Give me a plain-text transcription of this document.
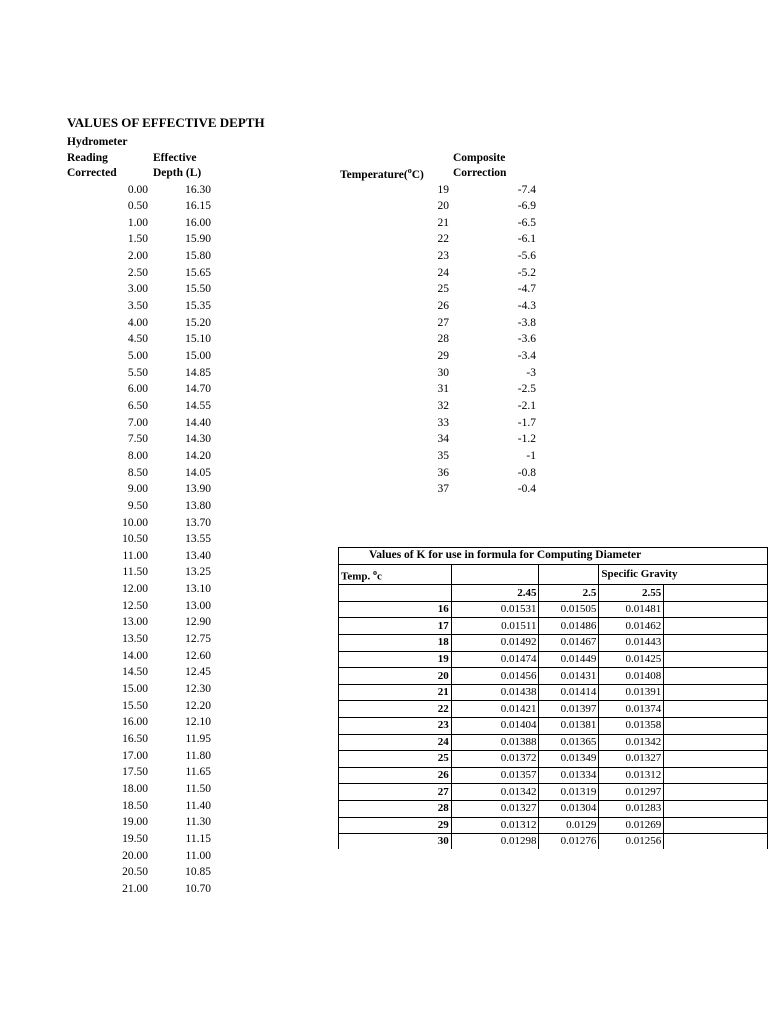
VALUES OF EFFECTIVE DEPTH
Hydrometer
Reading
Corrected
Effective
Depth (L)
0.00	16.30
0.50	16.15
1.00	16.00
1.50	15.90
2.00	15.80
2.50	15.65
3.00	15.50
3.50	15.35
4.00	15.20
4.50	15.10
5.00	15.00
5.50	14.85
6.00	14.70
6.50	14.55
7.00	14.40
7.50	14.30
8.00	14.20
8.50	14.05
9.00	13.90
9.50	13.80
10.00	13.70
10.50	13.55
11.00	13.40
11.50	13.25
12.00	13.10
12.50	13.00
13.00	12.90
13.50	12.75
14.00	12.60
14.50	12.45
15.00	12.30
15.50	12.20
16.00	12.10
16.50	11.95
17.00	11.80
17.50	11.65
18.00	11.50
18.50	11.40
19.00	11.30
19.50	11.15
20.00	11.00
20.50	10.85
21.00	10.70
Temperature($^o$C)
Composite
Correction
19	-7.4
20	-6.9
21	-6.5
22	-6.1
23	-5.6
24	-5.2
25	-4.7
26	-4.3
27	-3.8
28	-3.6
29	-3.4
30	-3
31	-2.5
32	-2.1
33	-1.7
34	-1.2
35	-1
36	-0.8
37	-0.4
Values of K for use in formula for Computing Diameter				
Temp. $^o$c			Specific Gravity	
	2.45	2.5	2.55	
16	0.01531	0.01505	0.01481	
17	0.01511	0.01486	0.01462	
18	0.01492	0.01467	0.01443	
19	0.01474	0.01449	0.01425	
20	0.01456	0.01431	0.01408	
21	0.01438	0.01414	0.01391	
22	0.01421	0.01397	0.01374	
23	0.01404	0.01381	0.01358	
24	0.01388	0.01365	0.01342	
25	0.01372	0.01349	0.01327	
26	0.01357	0.01334	0.01312	
27	0.01342	0.01319	0.01297	
28	0.01327	0.01304	0.01283	
29	0.01312	0.0129	0.01269	
30	0.01298	0.01276	0.01256	
